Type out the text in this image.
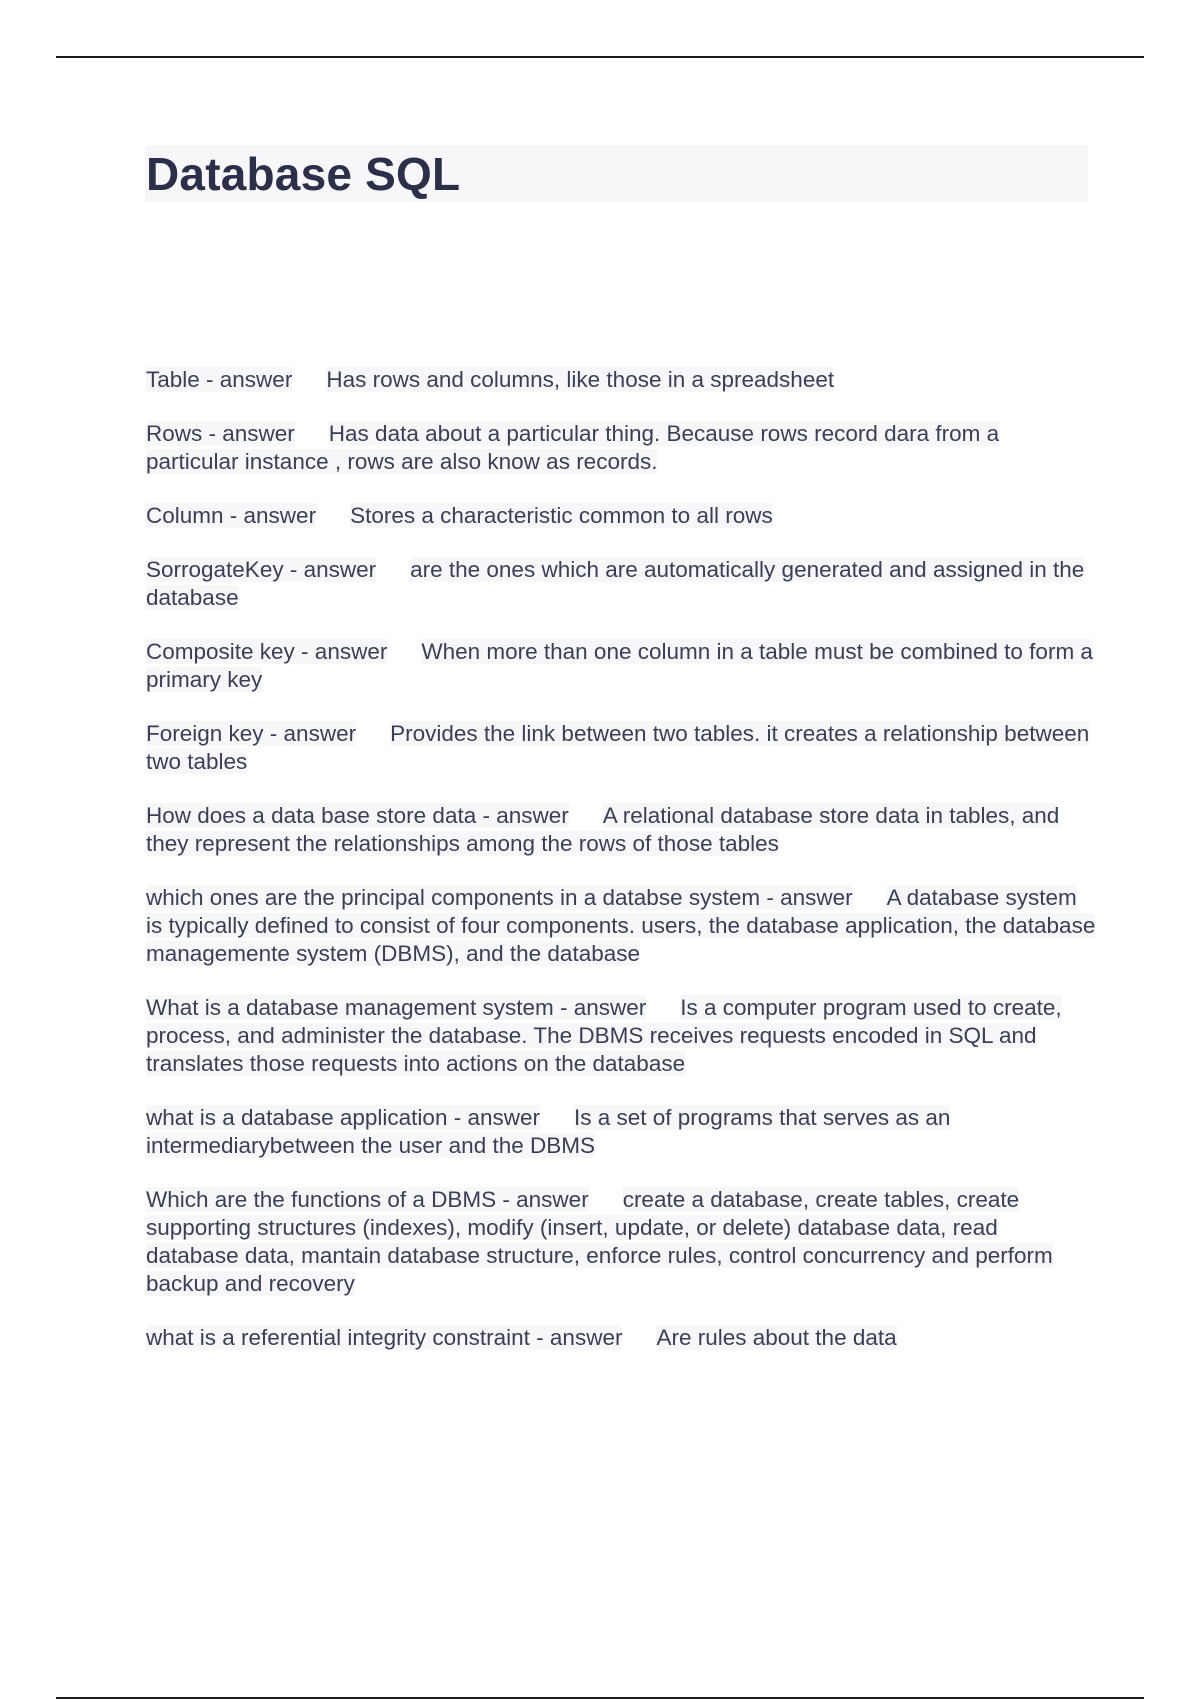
Database SQL
Table - answer Has rows and columns, like those in a spreadsheet
Rows - answer Has data about a particular thing. Because rows record dara from a particular instance , rows are also know as records.
Column - answer Stores a characteristic common to all rows
SorrogateKey - answer are the ones which are automatically generated and assigned in the database
Composite key - answer When more than one column in a table must be combined to form a primary key
Foreign key - answer Provides the link between two tables. it creates a relationship between two tables
How does a data base store data - answer A relational database store data in tables, and they represent the relationships among the rows of those tables
which ones are the principal components in a databse system - answer A database system is typically defined to consist of four components. users, the database application, the database managemente system (DBMS), and the database
What is a database management system - answer Is a computer program used to create, process, and administer the database. The DBMS receives requests encoded in SQL and translates those requests into actions on the database
what is a database application - answer Is a set of programs that serves as an intermediarybetween the user and the DBMS
Which are the functions of a DBMS - answer create a database, create tables, create supporting structures (indexes), modify (insert, update, or delete) database data, read database data, mantain database structure, enforce rules, control concurrency and perform backup and recovery
what is a referential integrity constraint - answer Are rules about the data
